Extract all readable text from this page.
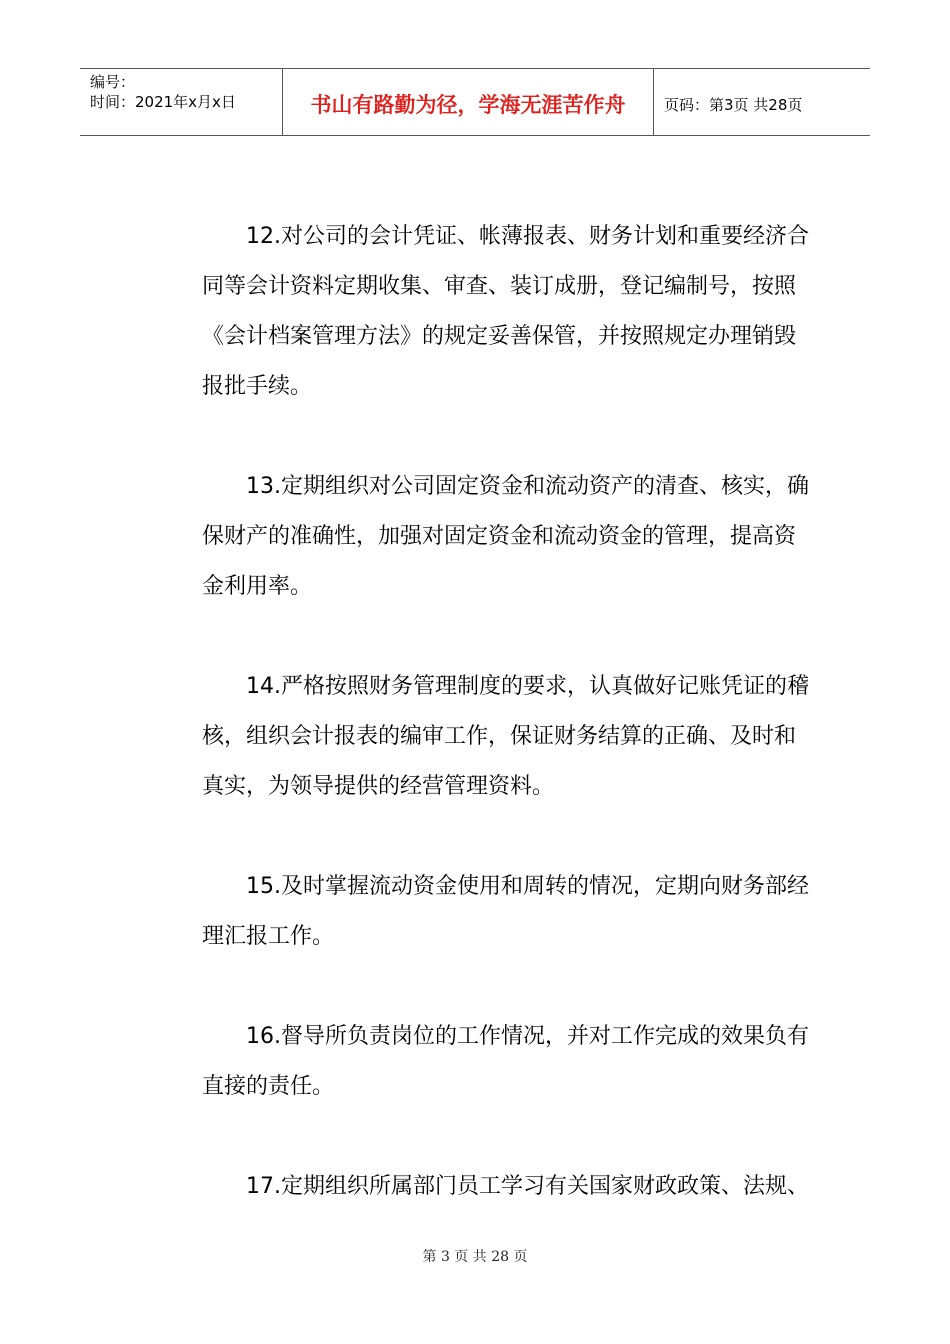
编号：
时间：2021年x月x日	书山有路勤为径，学海无涯苦作舟	页码：第3页 共28页

12.对公司的会计凭证、帐薄报表、财务计划和重要经济合同等会计资料定期收集、审查、装订成册，登记编制号，按照《会计档案管理方法》的规定妥善保管，并按照规定办理销毁报批手续。

13.定期组织对公司固定资金和流动资产的清查、核实，确保财产的准确性，加强对固定资金和流动资金的管理，提高资金利用率。

14.严格按照财务管理制度的要求，认真做好记账凭证的稽核，组织会计报表的编审工作，保证财务结算的正确、及时和真实，为领导提供的经营管理资料。

15.及时掌握流动资金使用和周转的情况，定期向财务部经理汇报工作。

16.督导所负责岗位的工作情况，并对工作完成的效果负有直接的责任。

17.定期组织所属部门员工学习有关国家财政政策、法规、

第 3 页 共 28 页
